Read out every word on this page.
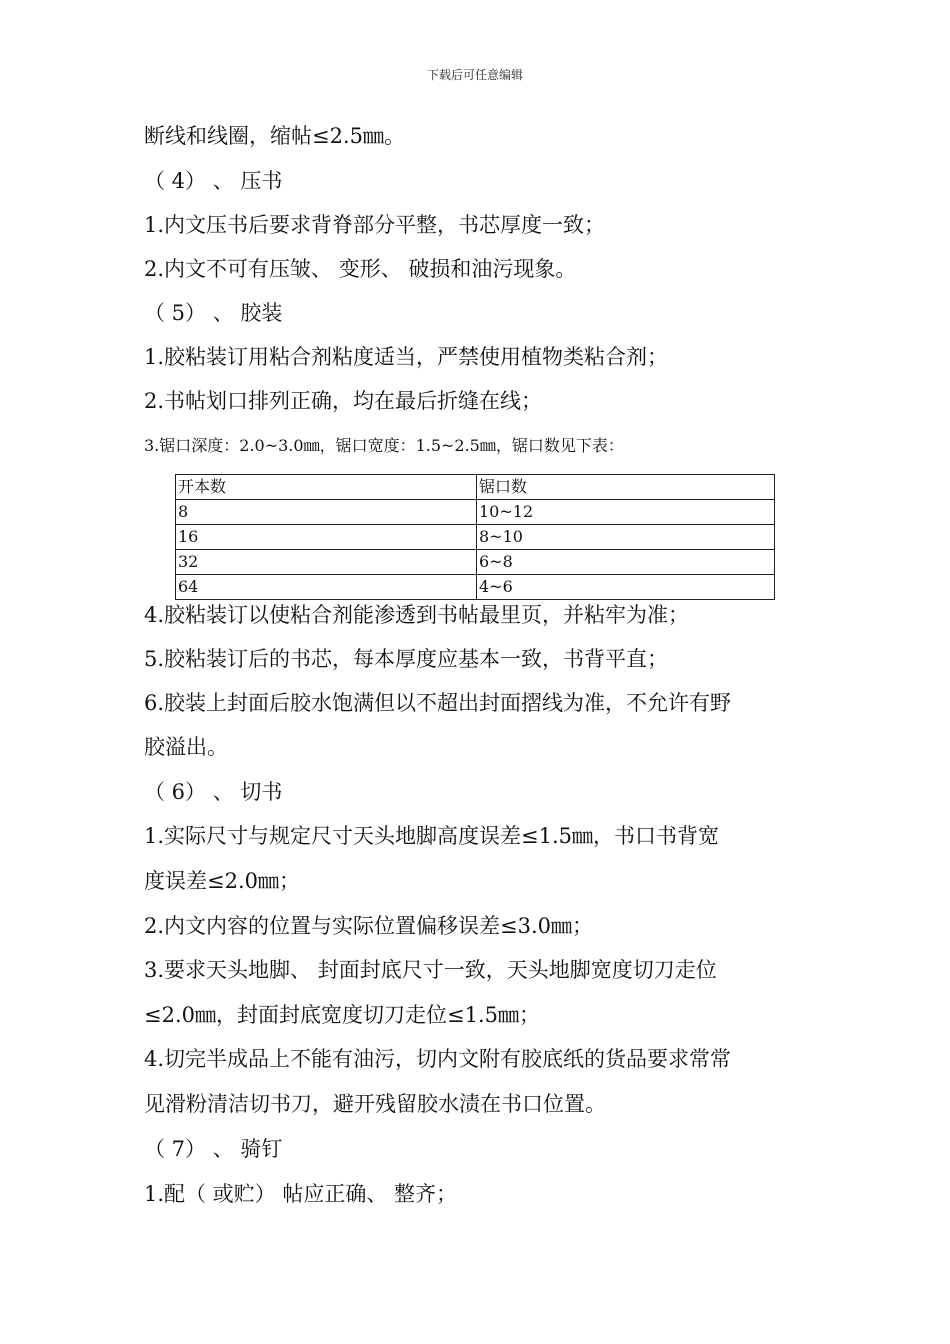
下载后可任意编辑
断线和线圈，缩帖≤2.5㎜。
（ 4） 、 压书
1.内文压书后要求背脊部分平整，书芯厚度一致；
2.内文不可有压皱、 变形、 破损和油污现象。
（ 5） 、 胶装
1.胶粘装订用粘合剂粘度适当，严禁使用植物类粘合剂；
2.书帖划口排列正确，均在最后折缝在线；
3.锯口深度：2.0~3.0㎜，锯口宽度：1.5~2.5㎜，锯口数见下表：
开本数	锯口数
8	10~12
16	8~10
32	6~8
64	4~6
4.胶粘装订以使粘合剂能渗透到书帖最里页，并粘牢为准；
5.胶粘装订后的书芯，每本厚度应基本一致，书背平直；
6.胶装上封面后胶水饱满但以不超出封面摺线为准，不允许有野
胶溢出。
（ 6） 、 切书
1.实际尺寸与规定尺寸天头地脚高度误差≤1.5㎜，书口书背宽
度误差≤2.0㎜；
2.内文内容的位置与实际位置偏移误差≤3.0㎜；
3.要求天头地脚、 封面封底尺寸一致，天头地脚宽度切刀走位
≤2.0㎜，封面封底宽度切刀走位≤1.5㎜；
4.切完半成品上不能有油污，切内文附有胶底纸的货品要求常常
见滑粉清洁切书刀，避开残留胶水渍在书口位置。
（ 7） 、 骑钉
1.配（ 或贮） 帖应正确、 整齐；
